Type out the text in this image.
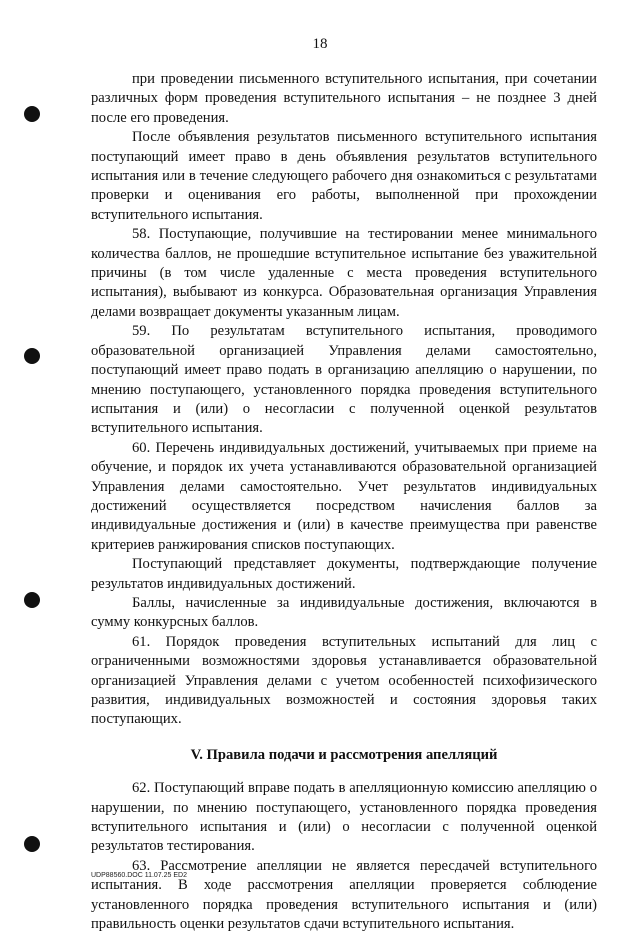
18

при проведении письменного вступительного испытания, при сочетании различных форм проведения вступительного испытания – не позднее 3 дней после его проведения.

После объявления результатов письменного вступительного испытания поступающий имеет право в день объявления результатов вступительного испытания или в течение следующего рабочего дня ознакомиться с результатами проверки и оценивания его работы, выполненной при прохождении вступительного испытания.

58. Поступающие, получившие на тестировании менее минимального количества баллов, не прошедшие вступительное испытание без уважительной причины (в том числе удаленные с места проведения вступительного испытания), выбывают из конкурса. Образовательная организация Управления делами возвращает документы указанным лицам.

59. По результатам вступительного испытания, проводимого образовательной организацией Управления делами самостоятельно, поступающий имеет право подать в организацию апелляцию о нарушении, по мнению поступающего, установленного порядка проведения вступительного испытания и (или) о несогласии с полученной оценкой результатов вступительного испытания.

60. Перечень индивидуальных достижений, учитываемых при приеме на обучение, и порядок их учета устанавливаются образовательной организацией Управления делами самостоятельно. Учет результатов индивидуальных достижений осуществляется посредством начисления баллов за индивидуальные достижения и (или) в качестве преимущества при равенстве критериев ранжирования списков поступающих.

Поступающий представляет документы, подтверждающие получение результатов индивидуальных достижений.

Баллы, начисленные за индивидуальные достижения, включаются в сумму конкурсных баллов.

61. Порядок проведения вступительных испытаний для лиц с ограниченными возможностями здоровья устанавливается образовательной организацией Управления делами с учетом особенностей психофизического развития, индивидуальных возможностей и состояния здоровья таких поступающих.

V. Правила подачи и рассмотрения апелляций

62. Поступающий вправе подать в апелляционную комиссию апелляцию о нарушении, по мнению поступающего, установленного порядка проведения вступительного испытания и (или) о несогласии с полученной оценкой результатов тестирования.

63. Рассмотрение апелляции не является пересдачей вступительного испытания. В ходе рассмотрения апелляции проверяется соблюдение установленного порядка проведения вступительного испытания и (или) правильность оценки результатов сдачи вступительного испытания.

UDP88560.DOC 11.07.25 ED2
